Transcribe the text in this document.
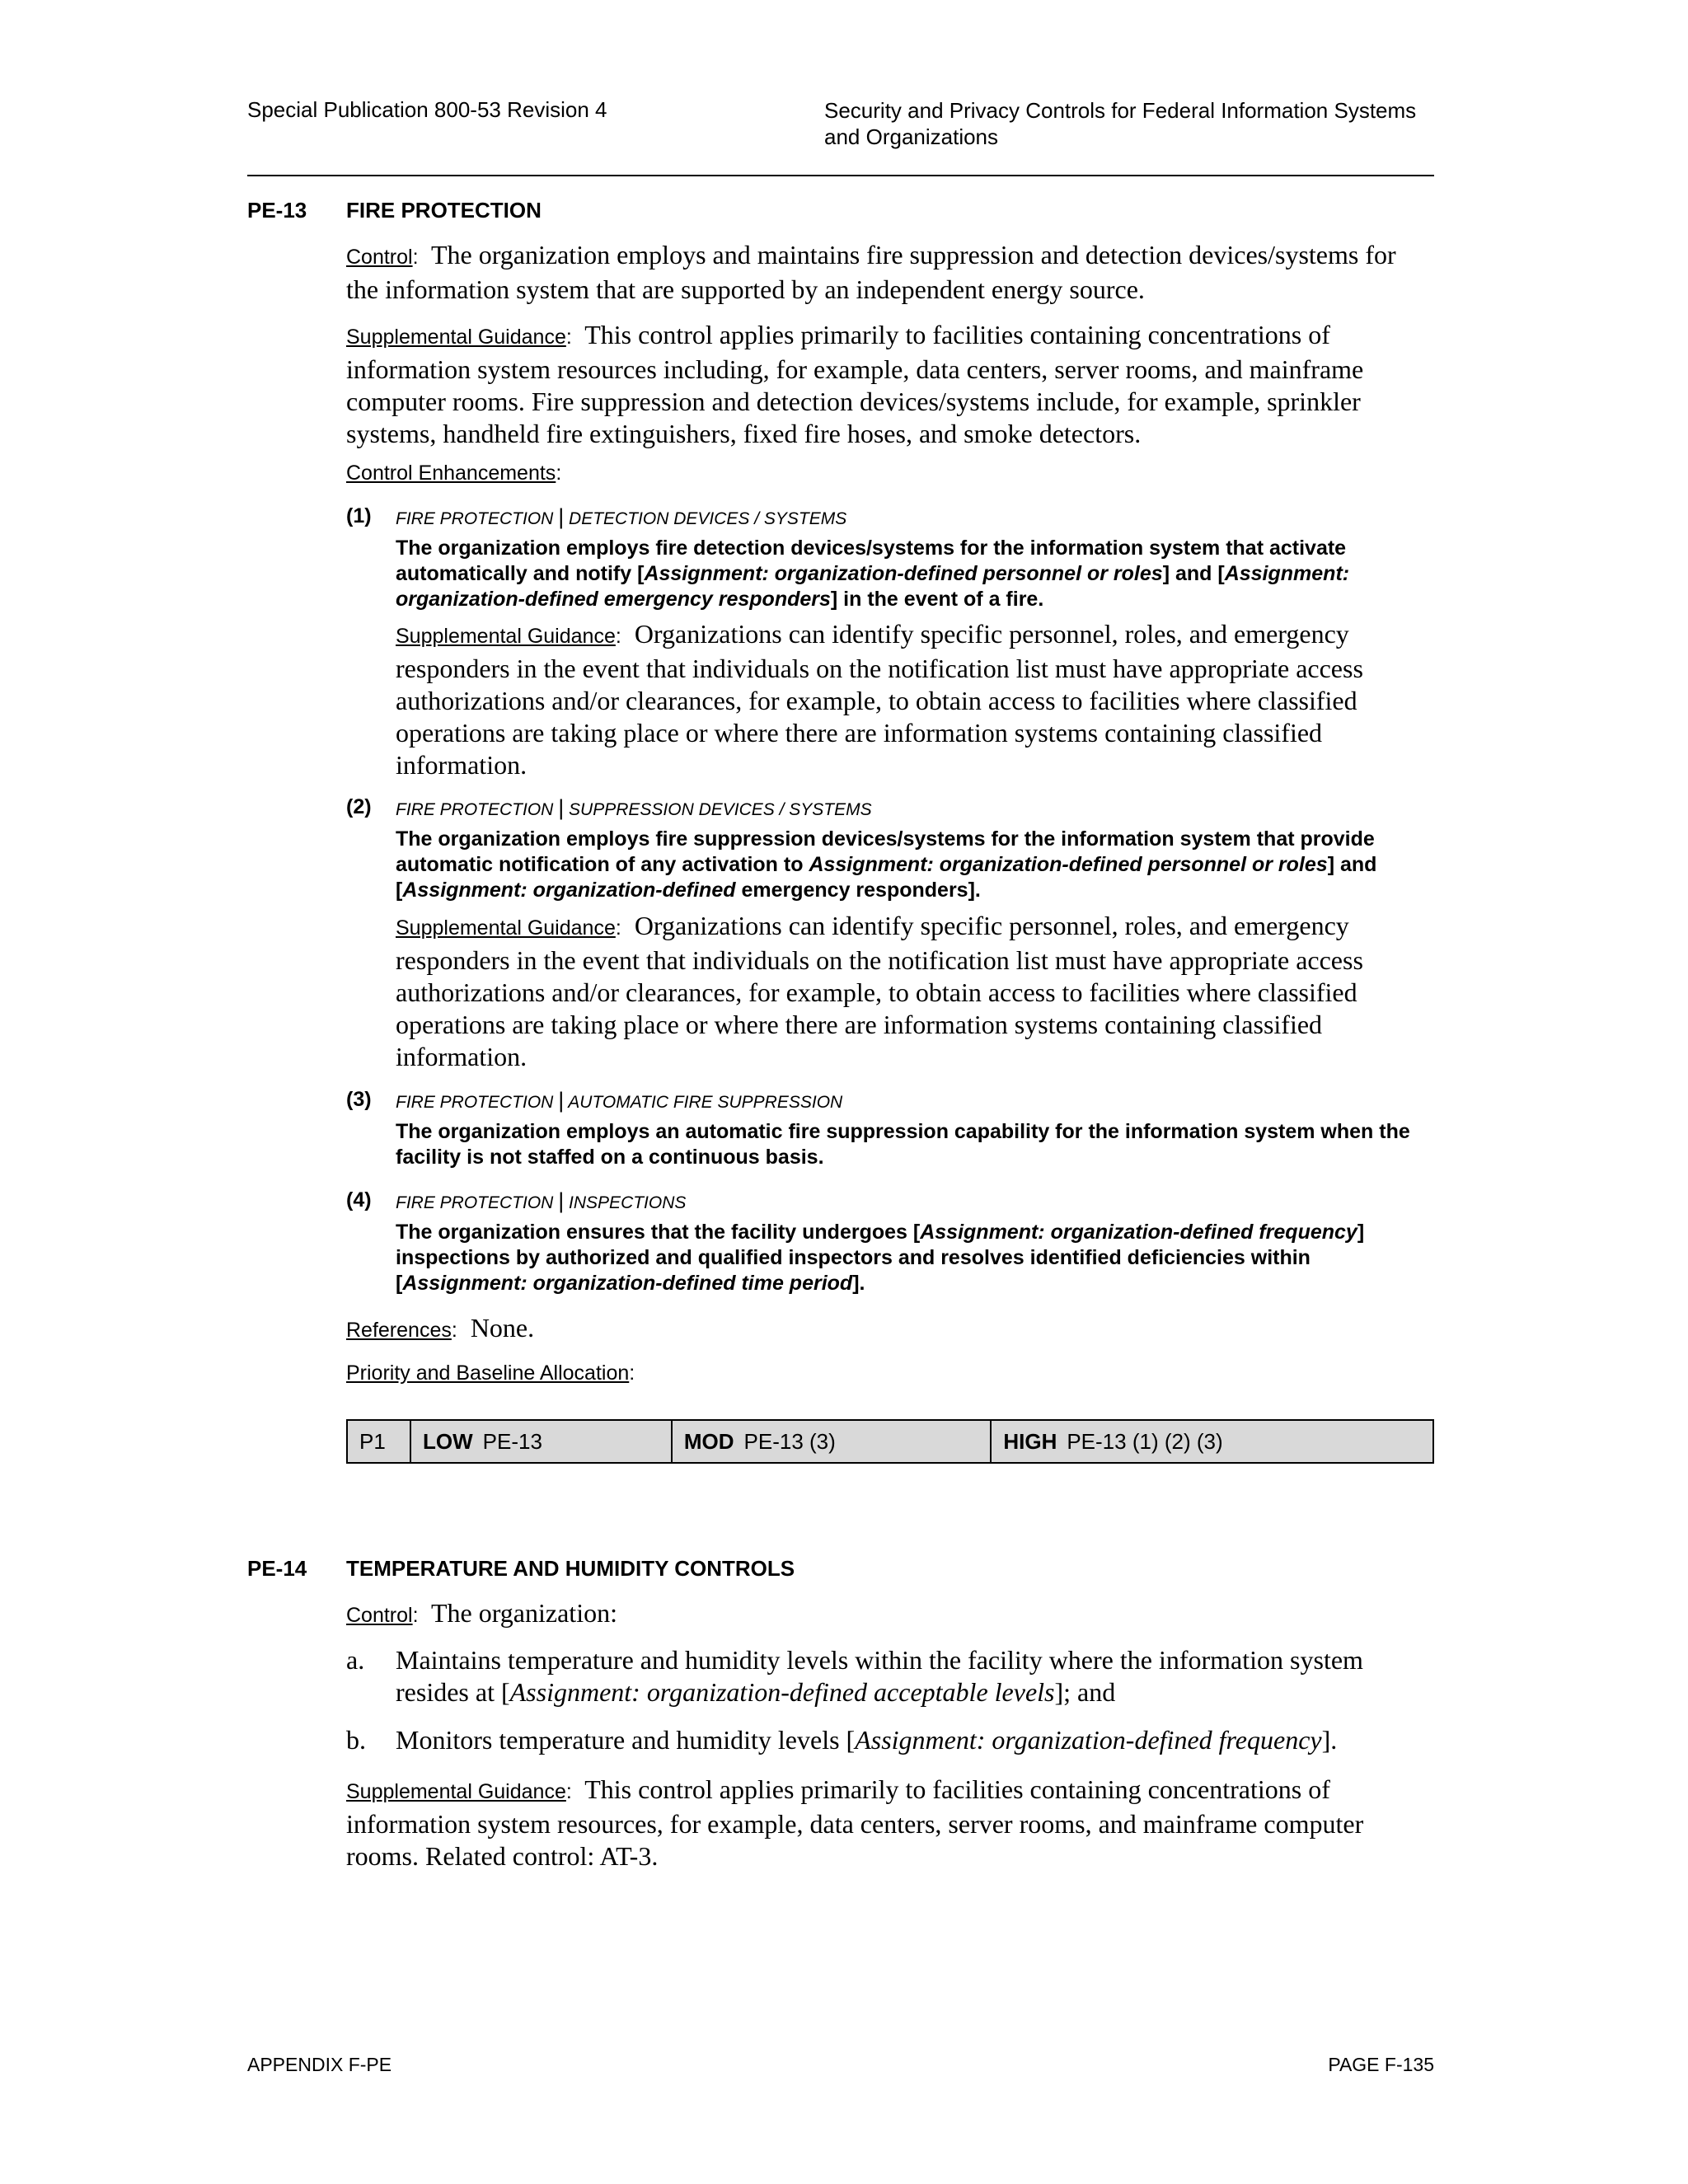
Special Publication 800-53 Revision 4	Security and Privacy Controls for Federal Information Systems and Organizations
PE-13 FIRE PROTECTION
Control: The organization employs and maintains fire suppression and detection devices/systems for the information system that are supported by an independent energy source.
Supplemental Guidance: This control applies primarily to facilities containing concentrations of information system resources including, for example, data centers, server rooms, and mainframe computer rooms. Fire suppression and detection devices/systems include, for example, sprinkler systems, handheld fire extinguishers, fixed fire hoses, and smoke detectors.
Control Enhancements:
(1) FIRE PROTECTION | DETECTION DEVICES / SYSTEMS
The organization employs fire detection devices/systems for the information system that activate automatically and notify [Assignment: organization-defined personnel or roles] and [Assignment: organization-defined emergency responders] in the event of a fire.
Supplemental Guidance: Organizations can identify specific personnel, roles, and emergency responders in the event that individuals on the notification list must have appropriate access authorizations and/or clearances, for example, to obtain access to facilities where classified operations are taking place or where there are information systems containing classified information.
(2) FIRE PROTECTION | SUPPRESSION DEVICES / SYSTEMS
The organization employs fire suppression devices/systems for the information system that provide automatic notification of any activation to Assignment: organization-defined personnel or roles] and [Assignment: organization-defined emergency responders].
Supplemental Guidance: Organizations can identify specific personnel, roles, and emergency responders in the event that individuals on the notification list must have appropriate access authorizations and/or clearances, for example, to obtain access to facilities where classified operations are taking place or where there are information systems containing classified information.
(3) FIRE PROTECTION | AUTOMATIC FIRE SUPPRESSION
The organization employs an automatic fire suppression capability for the information system when the facility is not staffed on a continuous basis.
(4) FIRE PROTECTION | INSPECTIONS
The organization ensures that the facility undergoes [Assignment: organization-defined frequency] inspections by authorized and qualified inspectors and resolves identified deficiencies within [Assignment: organization-defined time period].
References: None.
Priority and Baseline Allocation:
P1	LOW PE-13	MOD PE-13 (3)	HIGH PE-13 (1) (2) (3)
PE-14 TEMPERATURE AND HUMIDITY CONTROLS
Control: The organization:
a. Maintains temperature and humidity levels within the facility where the information system resides at [Assignment: organization-defined acceptable levels]; and
b. Monitors temperature and humidity levels [Assignment: organization-defined frequency].
Supplemental Guidance: This control applies primarily to facilities containing concentrations of information system resources, for example, data centers, server rooms, and mainframe computer rooms. Related control: AT-3.
APPENDIX F-PE	PAGE F-135
